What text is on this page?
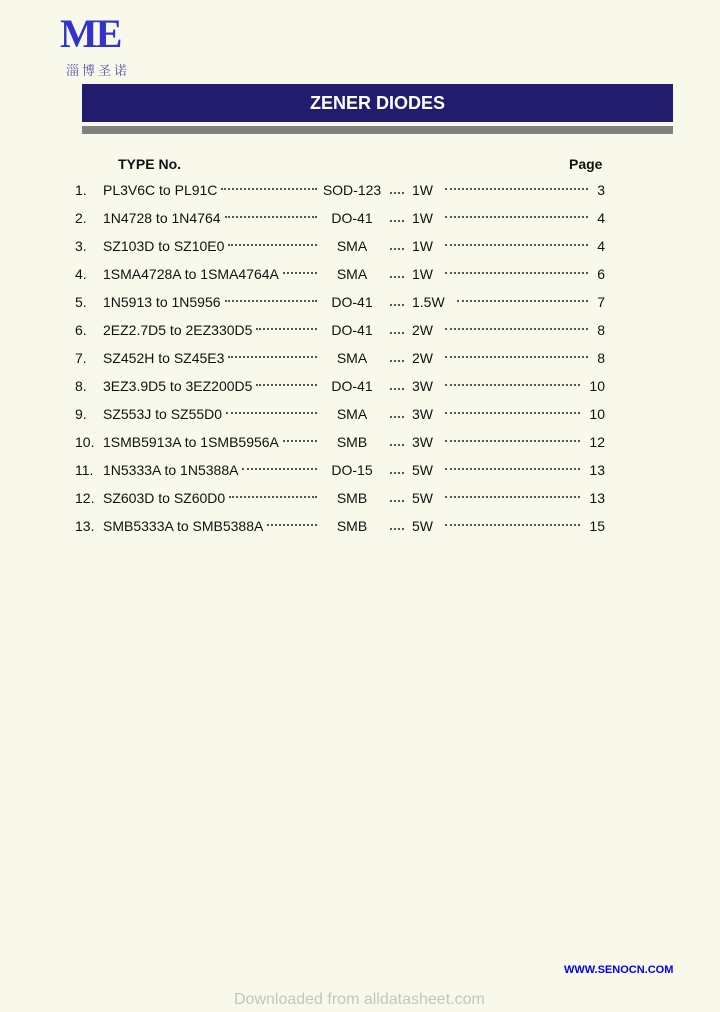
ME
淄博圣诺
ZENER DIODES
TYPE No.	Page
1. PL3V6C to PL91C	SOD-123	1W	3
2. 1N4728 to 1N4764	DO-41	1W	4
3. SZ103D to SZ10E0	SMA	1W	4
4. 1SMA4728A to 1SMA4764A	SMA	1W	6
5. 1N5913 to 1N5956	DO-41	1.5W	7
6. 2EZ2.7D5 to 2EZ330D5	DO-41	2W	8
7. SZ452H to SZ45E3	SMA	2W	8
8. 3EZ3.9D5 to 3EZ200D5	DO-41	3W	10
9. SZ553J to SZ55D0	SMA	3W	10
10. 1SMB5913A to 1SMB5956A	SMB	3W	12
11. 1N5333A to 1N5388A	DO-15	5W	13
12. SZ603D to SZ60D0	SMB	5W	13
13. SMB5333A to SMB5388A	SMB	5W	15
WWW.SENOCN.COM
Downloaded from alldatasheet.com
